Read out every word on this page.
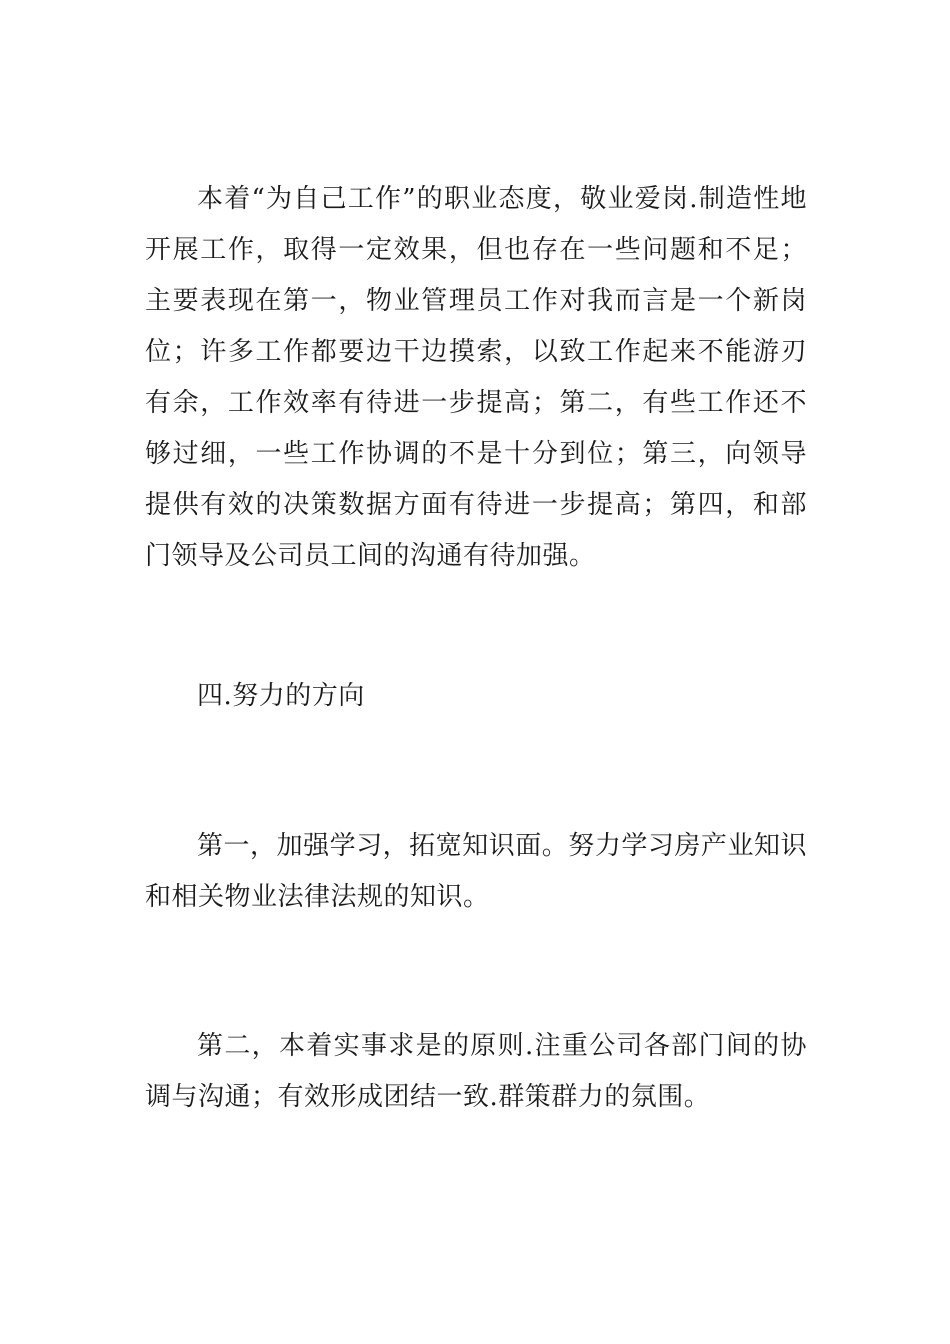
本着“为自己工作”的职业态度，敬业爱岗.制造性地开展工作，取得一定效果，但也存在一些问题和不足；主要表现在第一，物业管理员工作对我而言是一个新岗位；许多工作都要边干边摸索，以致工作起来不能游刃有余，工作效率有待进一步提高；第二，有些工作还不够过细，一些工作协调的不是十分到位；第三，向领导提供有效的决策数据方面有待进一步提高；第四，和部门领导及公司员工间的沟通有待加强。

四.努力的方向

第一，加强学习，拓宽知识面。努力学习房产业知识和相关物业法律法规的知识。

第二，本着实事求是的原则.注重公司各部门间的协调与沟通；有效形成团结一致.群策群力的氛围。
